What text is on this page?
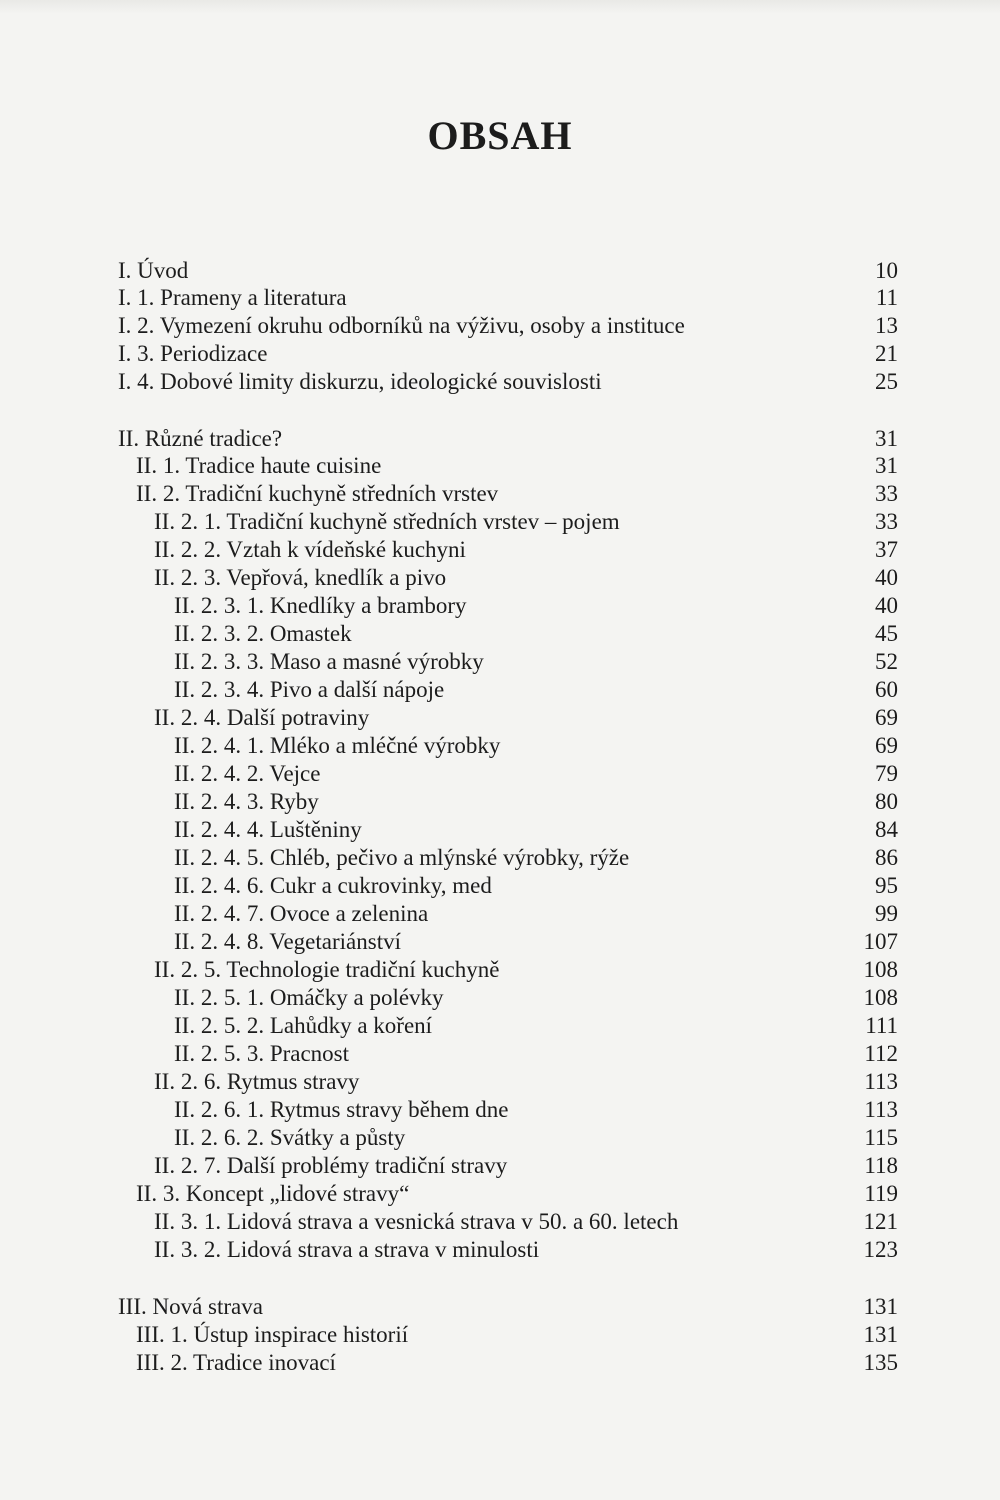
OBSAH
I. Úvod	10
I. 1. Prameny a literatura	11
I. 2. Vymezení okruhu odborníků na výživu, osoby a instituce	13
I. 3. Periodizace	21
I. 4. Dobové limity diskurzu, ideologické souvislosti	25
II. Různé tradice?	31
II. 1. Tradice haute cuisine	31
II. 2. Tradiční kuchyně středních vrstev	33
II. 2. 1. Tradiční kuchyně středních vrstev – pojem	33
II. 2. 2. Vztah k vídeňské kuchyni	37
II. 2. 3. Vepřová, knedlík a pivo	40
II. 2. 3. 1. Knedlíky a brambory	40
II. 2. 3. 2. Omastek	45
II. 2. 3. 3. Maso a masné výrobky	52
II. 2. 3. 4. Pivo a další nápoje	60
II. 2. 4. Další potraviny	69
II. 2. 4. 1. Mléko a mléčné výrobky	69
II. 2. 4. 2. Vejce	79
II. 2. 4. 3. Ryby	80
II. 2. 4. 4. Luštěniny	84
II. 2. 4. 5. Chléb, pečivo a mlýnské výrobky, rýže	86
II. 2. 4. 6. Cukr a cukrovinky, med	95
II. 2. 4. 7. Ovoce a zelenina	99
II. 2. 4. 8. Vegetariánství	107
II. 2. 5. Technologie tradiční kuchyně	108
II. 2. 5. 1. Omáčky a polévky	108
II. 2. 5. 2. Lahůdky a koření	111
II. 2. 5. 3. Pracnost	112
II. 2. 6. Rytmus stravy	113
II. 2. 6. 1. Rytmus stravy během dne	113
II. 2. 6. 2. Svátky a půsty	115
II. 2. 7. Další problémy tradiční stravy	118
II. 3. Koncept „lidové stravy“	119
II. 3. 1. Lidová strava a vesnická strava v 50. a 60. letech	121
II. 3. 2. Lidová strava a strava v minulosti	123
III. Nová strava	131
III. 1. Ústup inspirace historií	131
III. 2. Tradice inovací	135
